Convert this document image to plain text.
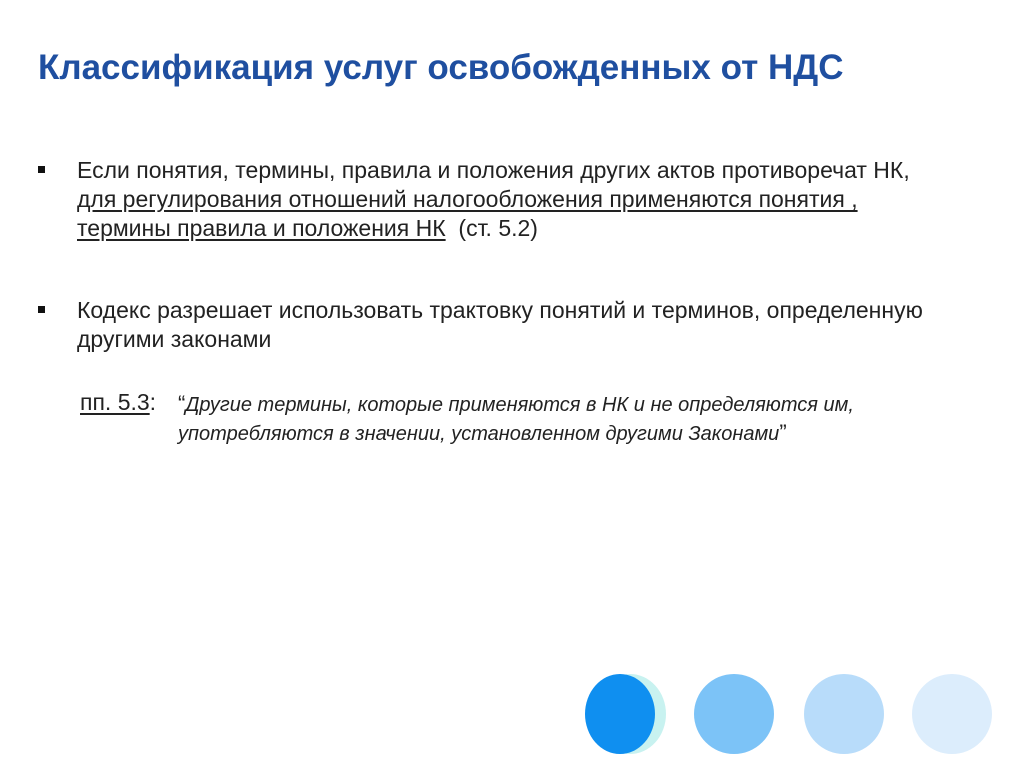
Классификация услуг освобожденных от НДС
Если понятия, термины, правила и положения других актов противоречат НК, для регулирования отношений налогообложения применяются понятия , термины правила и положения НК  (ст. 5.2)
Кодекс разрешает использовать трактовку понятий и терминов, определенную другими законами
пп. 5.3: “Другие термины, которые применяются в НК и не определяются им, употребляются в значении, установленном другими Законами”
